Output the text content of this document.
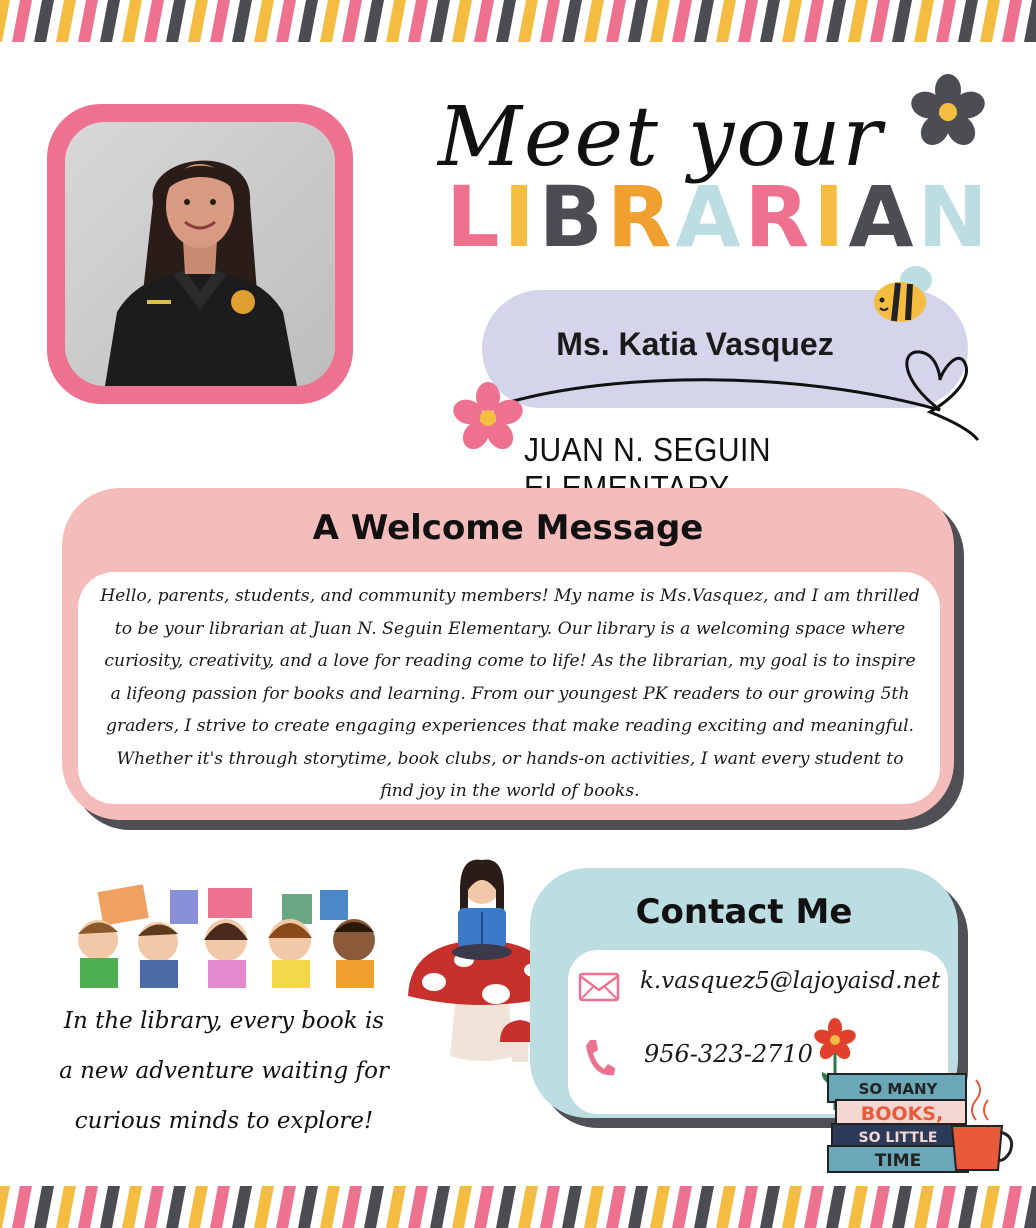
Meet your
LIBRARIAN
Ms. Katia Vasquez
JUAN N. SEGUIN
A Welcome Message
Hello, parents, students, and community members! My name is Ms.Vasquez, and I am thrilled to be your librarian at Juan N. Seguin Elementary. Our library is a welcoming space where curiosity, creativity, and a love for reading come to life! As the librarian, my goal is to inspire a lifeong passion for books and learning. From our youngest PK readers to our growing 5th graders, I strive to create engaging experiences that make reading exciting and meaningful. Whether it's through storytime, book clubs, or hands-on activities, I want every student to find joy in the world of books.
In the library, every book is
a new adventure waiting for
curious minds to explore!
Contact Me
k.vasquez5@lajoyaisd.net
956-323-2710
SO MANY
BOOKS,
SO LITTLE
TIME
